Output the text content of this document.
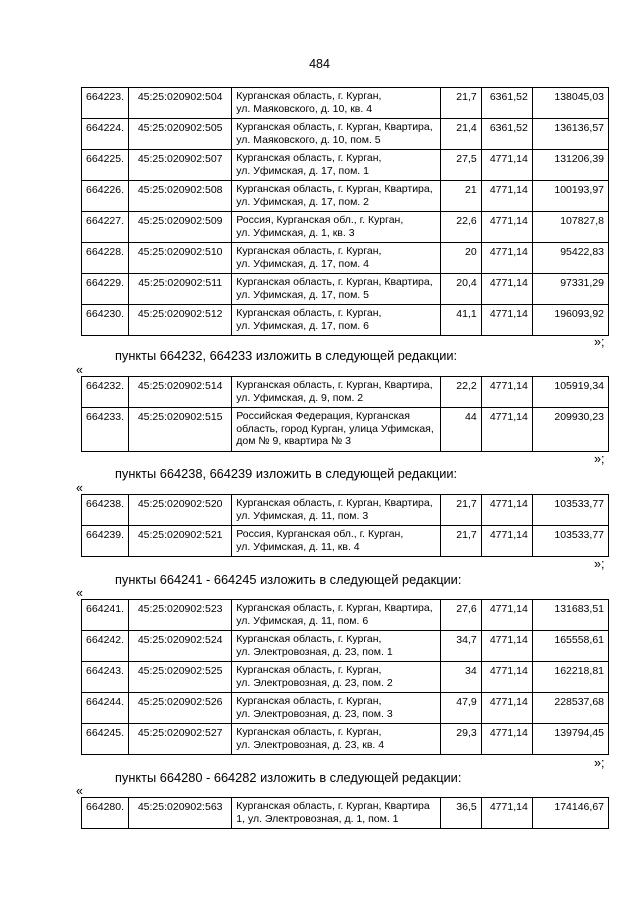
484
664223.	45:25:020902:504	Курганская область, г. Курган,
ул. Маяковского, д. 10, кв. 4	21,7	6361,52	138045,03
664224.	45:25:020902:505	Курганская область, г. Курган, Квартира,
ул. Маяковского, д. 10, пом. 5	21,4	6361,52	136136,57
664225.	45:25:020902:507	Курганская область, г. Курган,
ул. Уфимская, д. 17, пом. 1	27,5	4771,14	131206,39
664226.	45:25:020902:508	Курганская область, г. Курган, Квартира,
ул. Уфимская, д. 17, пом. 2	21	4771,14	100193,97
664227.	45:25:020902:509	Россия, Курганская обл., г. Курган,
ул. Уфимская, д. 1, кв. 3	22,6	4771,14	107827,8
664228.	45:25:020902:510	Курганская область, г. Курган,
ул. Уфимская, д. 17, пом. 4	20	4771,14	95422,83
664229.	45:25:020902:511	Курганская область, г. Курган, Квартира,
ул. Уфимская, д. 17, пом. 5	20,4	4771,14	97331,29
664230.	45:25:020902:512	Курганская область, г. Курган,
ул. Уфимская, д. 17, пом. 6	41,1	4771,14	196093,92
»;
пункты 664232, 664233 изложить в следующей редакции:
«
664232.	45:25:020902:514	Курганская область, г. Курган, Квартира,
ул. Уфимская, д. 9, пом. 2	22,2	4771,14	105919,34
664233.	45:25:020902:515	Российская Федерация, Курганская
область, город Курган, улица Уфимская,
дом № 9, квартира № 3	44	4771,14	209930,23
»;
пункты 664238, 664239 изложить в следующей редакции:
«
664238.	45:25:020902:520	Курганская область, г. Курган, Квартира,
ул. Уфимская, д. 11, пом. 3	21,7	4771,14	103533,77
664239.	45:25:020902:521	Россия, Курганская обл., г. Курган,
ул. Уфимская, д. 11, кв. 4	21,7	4771,14	103533,77
»;
пункты 664241 - 664245 изложить в следующей редакции:
«
664241.	45:25:020902:523	Курганская область, г. Курган, Квартира,
ул. Уфимская, д. 11, пом. 6	27,6	4771,14	131683,51
664242.	45:25:020902:524	Курганская область, г. Курган,
ул. Электровозная, д. 23, пом. 1	34,7	4771,14	165558,61
664243.	45:25:020902:525	Курганская область, г. Курган,
ул. Электровозная, д. 23, пом. 2	34	4771,14	162218,81
664244.	45:25:020902:526	Курганская область, г. Курган,
ул. Электровозная, д. 23, пом. 3	47,9	4771,14	228537,68
664245.	45:25:020902:527	Курганская область, г. Курган,
ул. Электровозная, д. 23, кв. 4	29,3	4771,14	139794,45
»;
пункты 664280 - 664282 изложить в следующей редакции:
«
664280.	45:25:020902:563	Курганская область, г. Курган, Квартира
1, ул. Электровозная, д. 1, пом. 1
	36,5	4771,14	174146,67
